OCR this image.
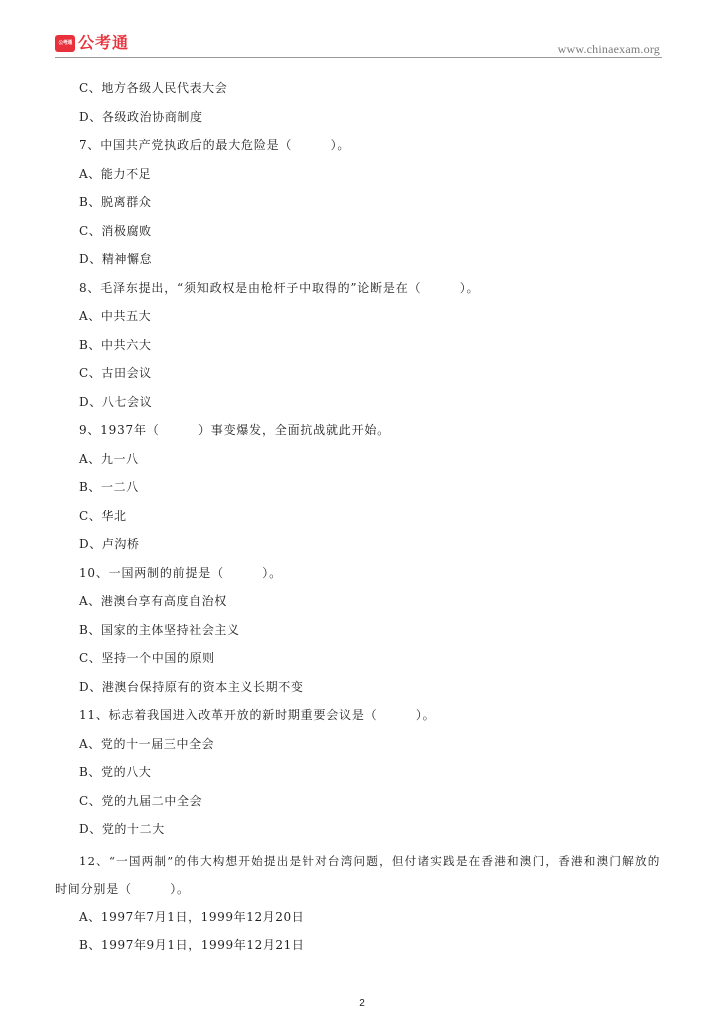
公考通 公考通	www.chinaexam.org
C、地方各级人民代表大会
D、各级政治协商制度
7、中国共产党执政后的最大危险是（　　　）。
A、能力不足
B、脱离群众
C、消极腐败
D、精神懈怠
8、毛泽东提出，“须知政权是由枪杆子中取得的”论断是在（　　　）。
A、中共五大
B、中共六大
C、古田会议
D、八七会议
9、1937年（　　　）事变爆发，全面抗战就此开始。
A、九一八
B、一二八
C、华北
D、卢沟桥
10、一国两制的前提是（　　　）。
A、港澳台享有高度自治权
B、国家的主体坚持社会主义
C、坚持一个中国的原则
D、港澳台保持原有的资本主义长期不变
11、标志着我国进入改革开放的新时期重要会议是（　　　）。
A、党的十一届三中全会
B、党的八大
C、党的九届二中全会
D、党的十二大
12、“一国两制”的伟大构想开始提出是针对台湾问题，但付诸实践是在香港和澳门，香港和澳门解放的
时间分别是（　　　）。
A、1997年7月1日，1999年12月20日
B、1997年9月1日，1999年12月21日
2
